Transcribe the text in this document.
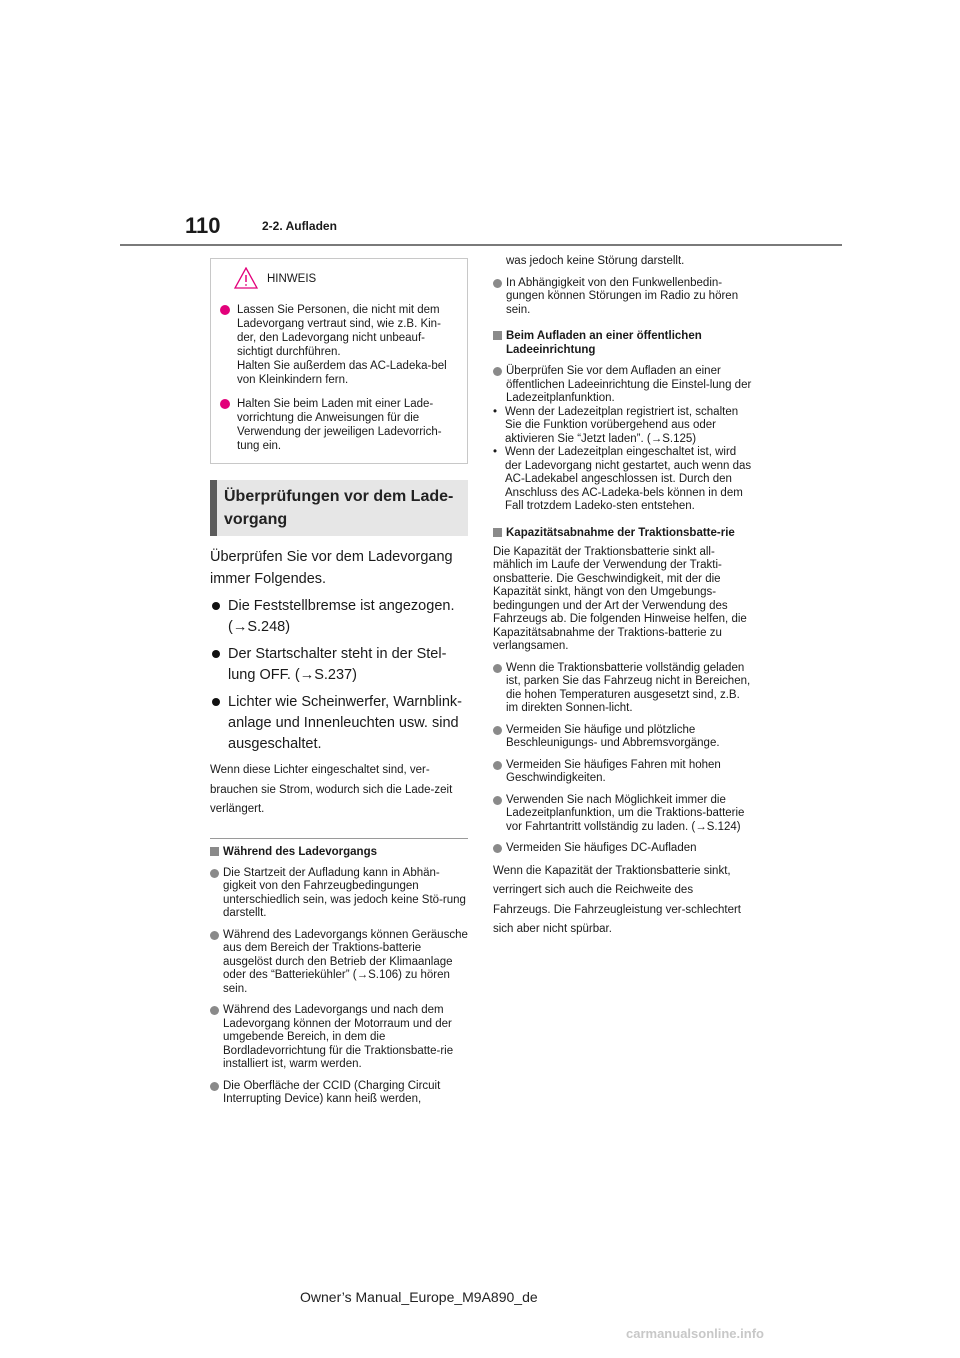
110	2-2. Aufladen
HINWEIS
Lassen Sie Personen, die nicht mit dem Ladevorgang vertraut sind, wie z.B. Kin-der, den Ladevorgang nicht unbeauf-sichtigt durchführen.
Halten Sie außerdem das AC-Ladeka-bel von Kleinkindern fern.
Halten Sie beim Laden mit einer Lade-vorrichtung die Anweisungen für die Verwendung der jeweiligen Ladevorrich-tung ein.
Überprüfungen vor dem Lade-vorgang
Überprüfen Sie vor dem Ladevorgang immer Folgendes.
Die Feststellbremse ist angezogen. (→S.248)
Der Startschalter steht in der Stel-lung OFF. (→S.237)
Lichter wie Scheinwerfer, Warnblink-anlage und Innenleuchten usw. sind ausgeschaltet.
Wenn diese Lichter eingeschaltet sind, ver-brauchen sie Strom, wodurch sich die Lade-zeit verlängert.
Während des Ladevorgangs
Die Startzeit der Aufladung kann in Abhän-gigkeit von den Fahrzeugbedingungen unterschiedlich sein, was jedoch keine Stö-rung darstellt.
Während des Ladevorgangs können Geräusche aus dem Bereich der Traktions-batterie ausgelöst durch den Betrieb der Klimaanlage oder des “Batteriekühler” (→S.106) zu hören sein.
Während des Ladevorgangs und nach dem Ladevorgang können der Motorraum und der umgebende Bereich, in dem die Bordladevorrichtung für die Traktionsbatte-rie installiert ist, warm werden.
Die Oberfläche der CCID (Charging Circuit Interrupting Device) kann heiß werden,
was jedoch keine Störung darstellt.
In Abhängigkeit von den Funkwellenbedin-gungen können Störungen im Radio zu hören sein.
Beim Aufladen an einer öffentlichen Ladeeinrichtung
Überprüfen Sie vor dem Aufladen an einer öffentlichen Ladeeinrichtung die Einstel-lung der Ladezeitplanfunktion.
• Wenn der Ladezeitplan registriert ist, schalten Sie die Funktion vorübergehend aus oder aktivieren Sie “Jetzt laden”. (→S.125)
• Wenn der Ladezeitplan eingeschaltet ist, wird der Ladevorgang nicht gestartet, auch wenn das AC-Ladekabel angeschlossen ist. Durch den Anschluss des AC-Ladeka-bels können in dem Fall trotzdem Ladeko-sten entstehen.
Kapazitätsabnahme der Traktionsbatte-rie
Die Kapazität der Traktionsbatterie sinkt all-mählich im Laufe der Verwendung der Trakti-onsbatterie. Die Geschwindigkeit, mit der die Kapazität sinkt, hängt von den Umgebungs-bedingungen und der Art der Verwendung des Fahrzeugs ab. Die folgenden Hinweise helfen, die Kapazitätsabnahme der Traktions-batterie zu verlangsamen.
Wenn die Traktionsbatterie vollständig geladen ist, parken Sie das Fahrzeug nicht in Bereichen, die hohen Temperaturen ausgesetzt sind, z.B. im direkten Sonnen-licht.
Vermeiden Sie häufige und plötzliche Beschleunigungs- und Abbremsvorgänge.
Vermeiden Sie häufiges Fahren mit hohen Geschwindigkeiten.
Verwenden Sie nach Möglichkeit immer die Ladezeitplanfunktion, um die Traktions-batterie vor Fahrtantritt vollständig zu laden. (→S.124)
Vermeiden Sie häufiges DC-Aufladen
Wenn die Kapazität der Traktionsbatterie sinkt, verringert sich auch die Reichweite des Fahrzeugs. Die Fahrzeugleistung ver-schlechtert sich aber nicht spürbar.
Owner’s Manual_Europe_M9A890_de
carmanualsonline.info
